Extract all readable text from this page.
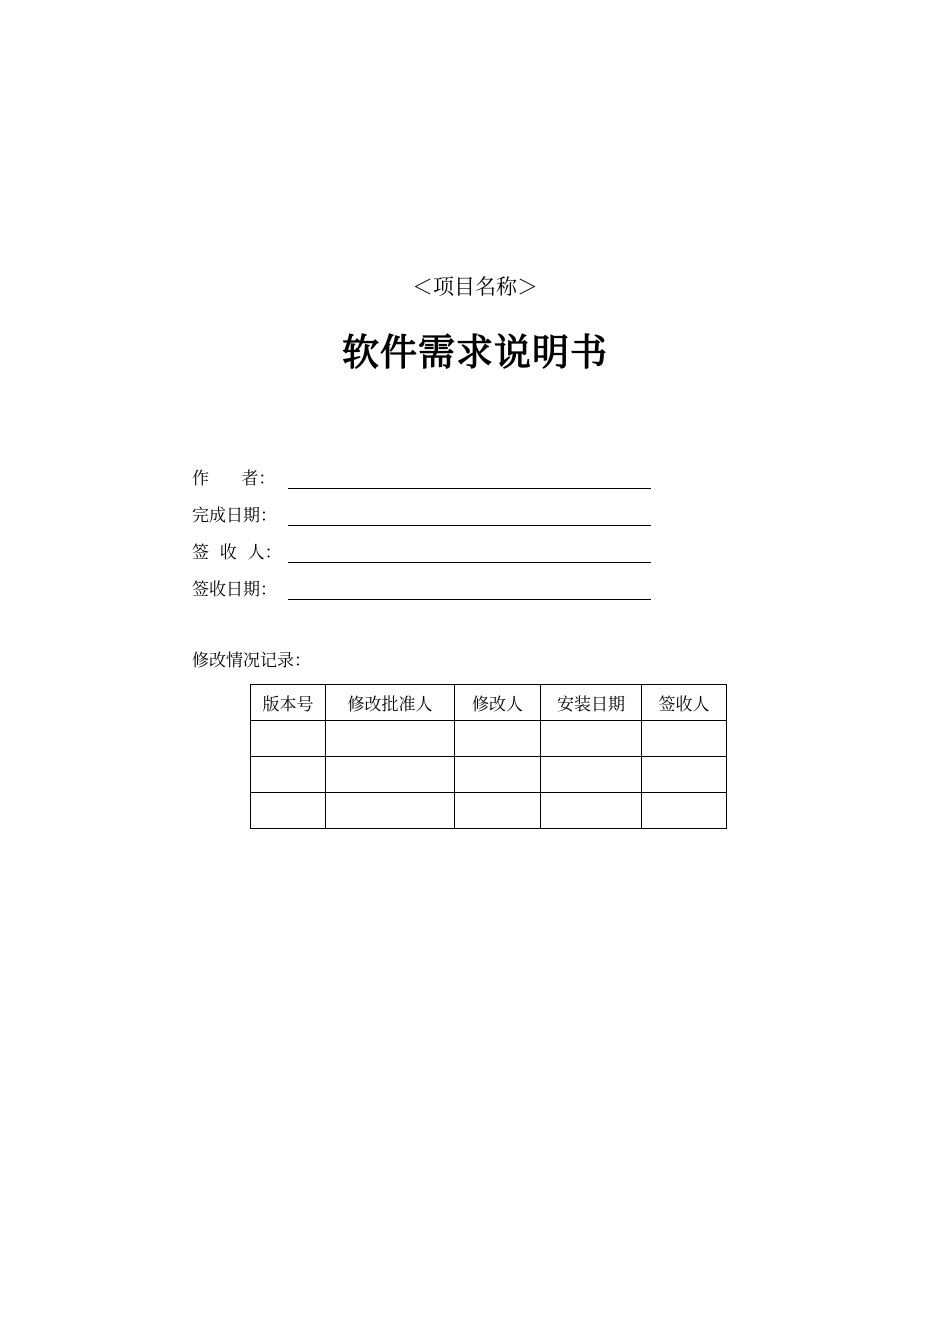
＜项目名称＞
软件需求说明书
作      者：
完成日期：
签  收  人：
签收日期：
修改情况记录：
版本号	修改批准人	修改人	安装日期	签收人
